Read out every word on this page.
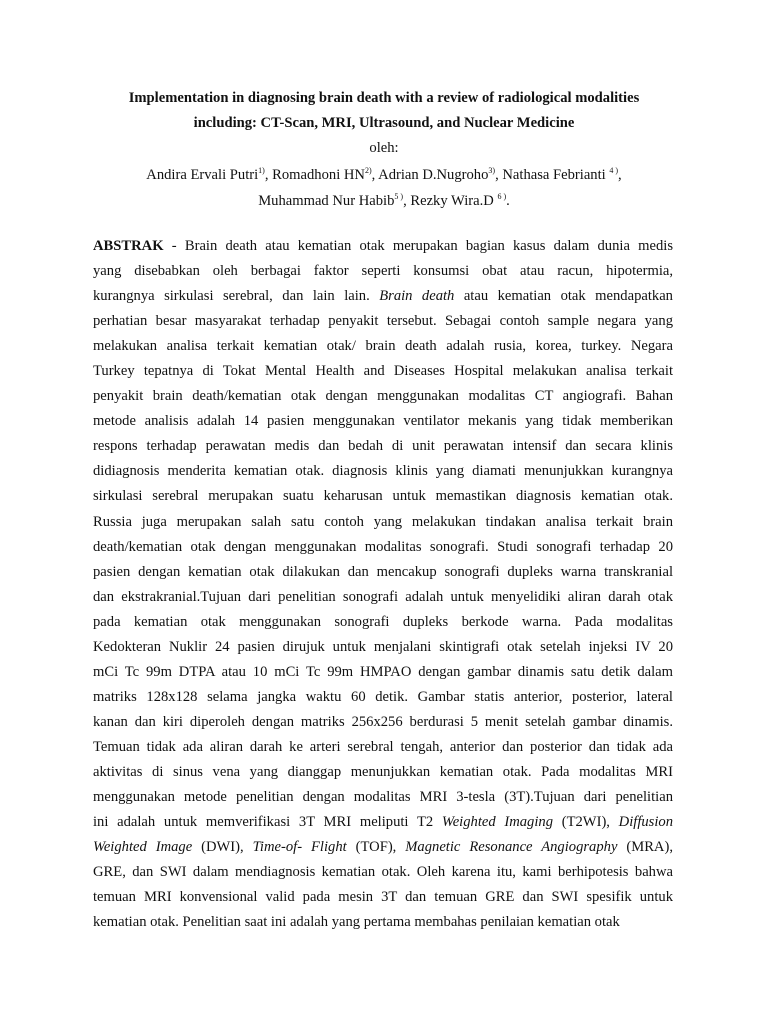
Implementation in diagnosing brain death with a review of radiological modalities
including: CT-Scan, MRI, Ultrasound, and Nuclear Medicine
oleh:
Andira Ervali Putri$^{1)}$, Romadhoni HN$^{2)}$, Adrian D.Nugroho$^{3)}$, Nathasa Febrianti $^{4 )}$,
Muhammad Nur Habib$^{5 )}$, Rezky Wira.D $^{6 )}$.
ABSTRAK - Brain death atau kematian otak merupakan bagian kasus dalam dunia medis
yang disebabkan oleh berbagai faktor seperti konsumsi obat atau racun, hipotermia,
kurangnya sirkulasi serebral, dan lain lain. Brain death atau kematian otak mendapatkan
perhatian besar masyarakat terhadap penyakit tersebut. Sebagai contoh sample negara yang
melakukan analisa terkait kematian otak/ brain death adalah rusia, korea, turkey. Negara
Turkey tepatnya di Tokat Mental Health and Diseases Hospital melakukan analisa terkait
penyakit brain death/kematian otak dengan menggunakan modalitas CT angiografi. Bahan
metode analisis adalah 14 pasien menggunakan ventilator mekanis yang tidak memberikan
respons terhadap perawatan medis dan bedah di unit perawatan intensif dan secara klinis
didiagnosis menderita kematian otak. diagnosis klinis yang diamati menunjukkan kurangnya
sirkulasi serebral merupakan suatu keharusan untuk memastikan diagnosis kematian otak.
Russia juga merupakan salah satu contoh yang melakukan tindakan analisa terkait brain
death/kematian otak dengan menggunakan modalitas sonografi. Studi sonografi terhadap 20
pasien dengan kematian otak dilakukan dan mencakup sonografi dupleks warna transkranial
dan ekstrakranial.Tujuan dari penelitian sonografi adalah untuk menyelidiki aliran darah otak
pada kematian otak menggunakan sonografi dupleks berkode warna. Pada modalitas
Kedokteran Nuklir 24 pasien dirujuk untuk menjalani skintigrafi otak setelah injeksi IV 20
mCi Tc 99m DTPA atau 10 mCi Tc 99m HMPAO dengan gambar dinamis satu detik dalam
matriks 128x128 selama jangka waktu 60 detik. Gambar statis anterior, posterior, lateral
kanan dan kiri diperoleh dengan matriks 256x256 berdurasi 5 menit setelah gambar dinamis.
Temuan tidak ada aliran darah ke arteri serebral tengah, anterior dan posterior dan tidak ada
aktivitas di sinus vena yang dianggap menunjukkan kematian otak. Pada modalitas MRI
menggunakan metode penelitian dengan modalitas MRI 3-tesla (3T).Tujuan dari penelitian
ini adalah untuk memverifikasi 3T MRI meliputi T2 Weighted Imaging (T2WI), Diffusion
Weighted Image (DWI), Time-of- Flight (TOF), Magnetic Resonance Angiography (MRA),
GRE, dan SWI dalam mendiagnosis kematian otak. Oleh karena itu, kami berhipotesis bahwa
temuan MRI konvensional valid pada mesin 3T dan temuan GRE dan SWI spesifik untuk
kematian otak. Penelitian saat ini adalah yang pertama membahas penilaian kematian otak
